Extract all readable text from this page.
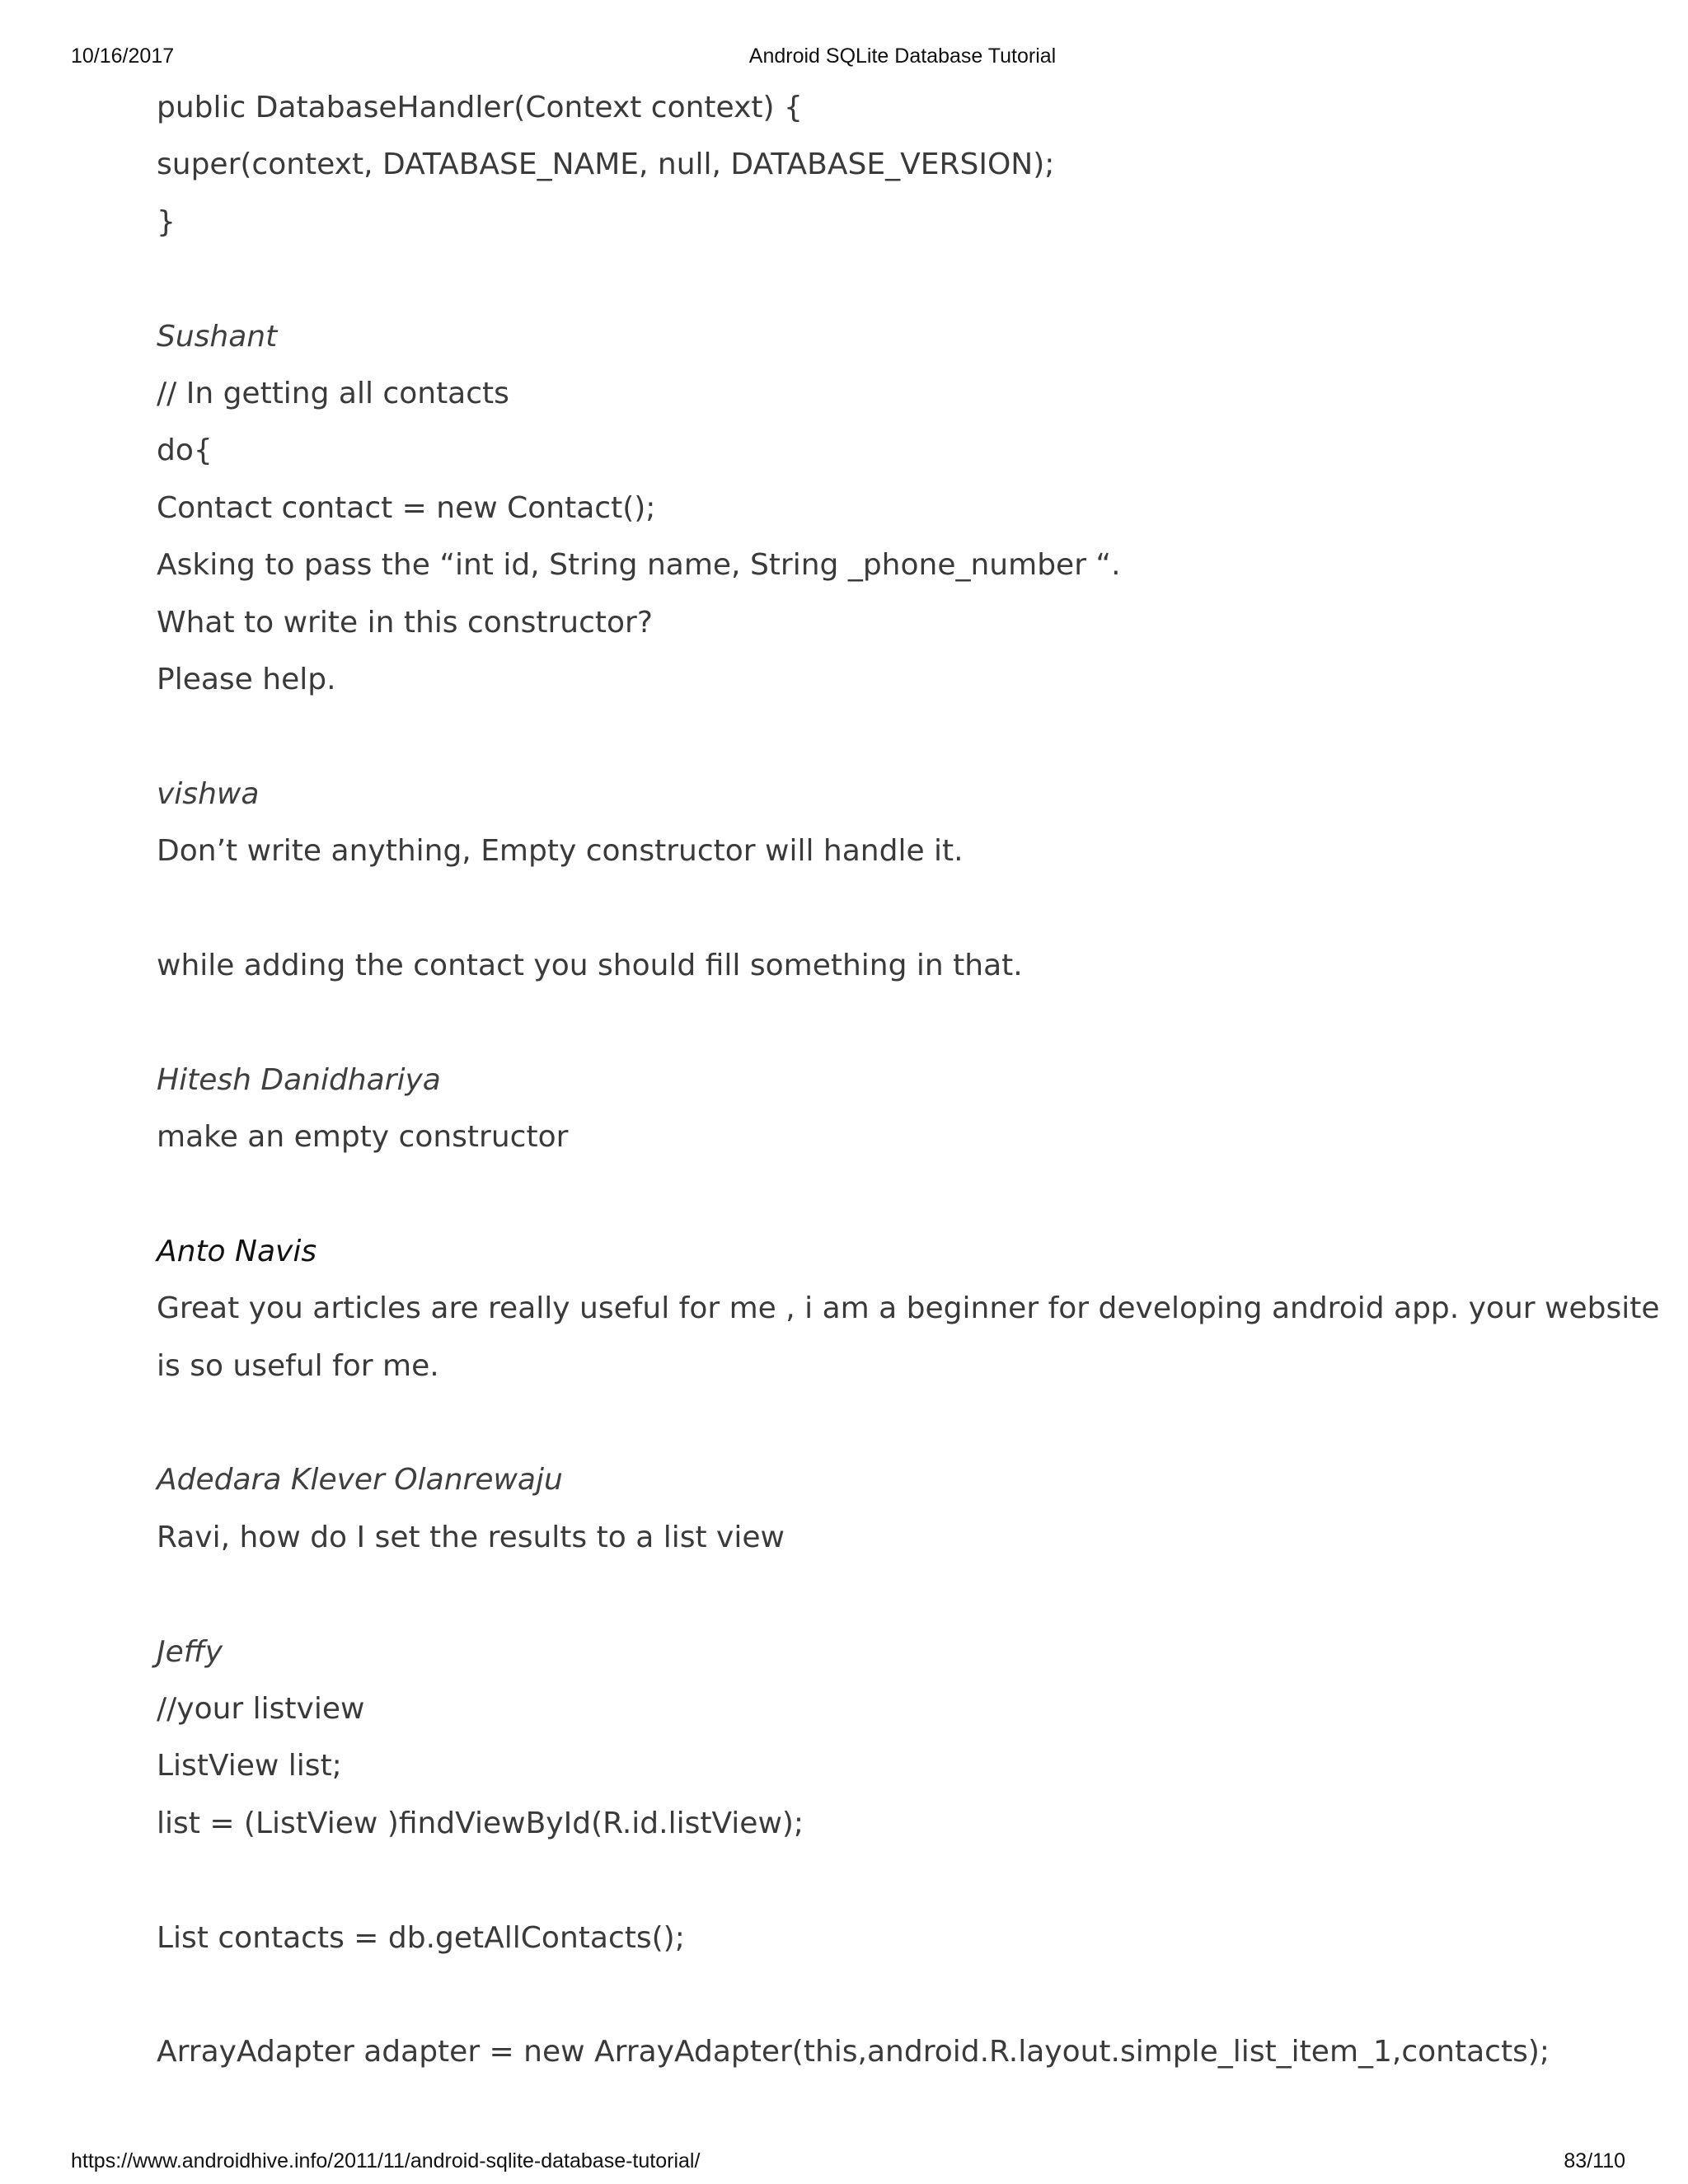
10/16/2017	Android SQLite Database Tutorial
public DatabaseHandler(Context context) {
super(context, DATABASE_NAME, null, DATABASE_VERSION);
}
Sushant
// In getting all contacts
do{
Contact contact = new Contact();
Asking to pass the “int id, String name, String _phone_number “.
What to write in this constructor?
Please help.
vishwa
Don’t write anything, Empty constructor will handle it.
while adding the contact you should fill something in that.
Hitesh Danidhariya
make an empty constructor
Anto Navis
Great you articles are really useful for me , i am a beginner for developing android app. your website
is so useful for me.
Adedara Klever Olanrewaju
Ravi, how do I set the results to a list view
Jeffy
//your listview
ListView list;
list = (ListView )findViewById(R.id.listView);
List contacts = db.getAllContacts();
ArrayAdapter adapter = new ArrayAdapter(this,android.R.layout.simple_list_item_1,contacts);
https://www.androidhive.info/2011/11/android-sqlite-database-tutorial/	83/110
